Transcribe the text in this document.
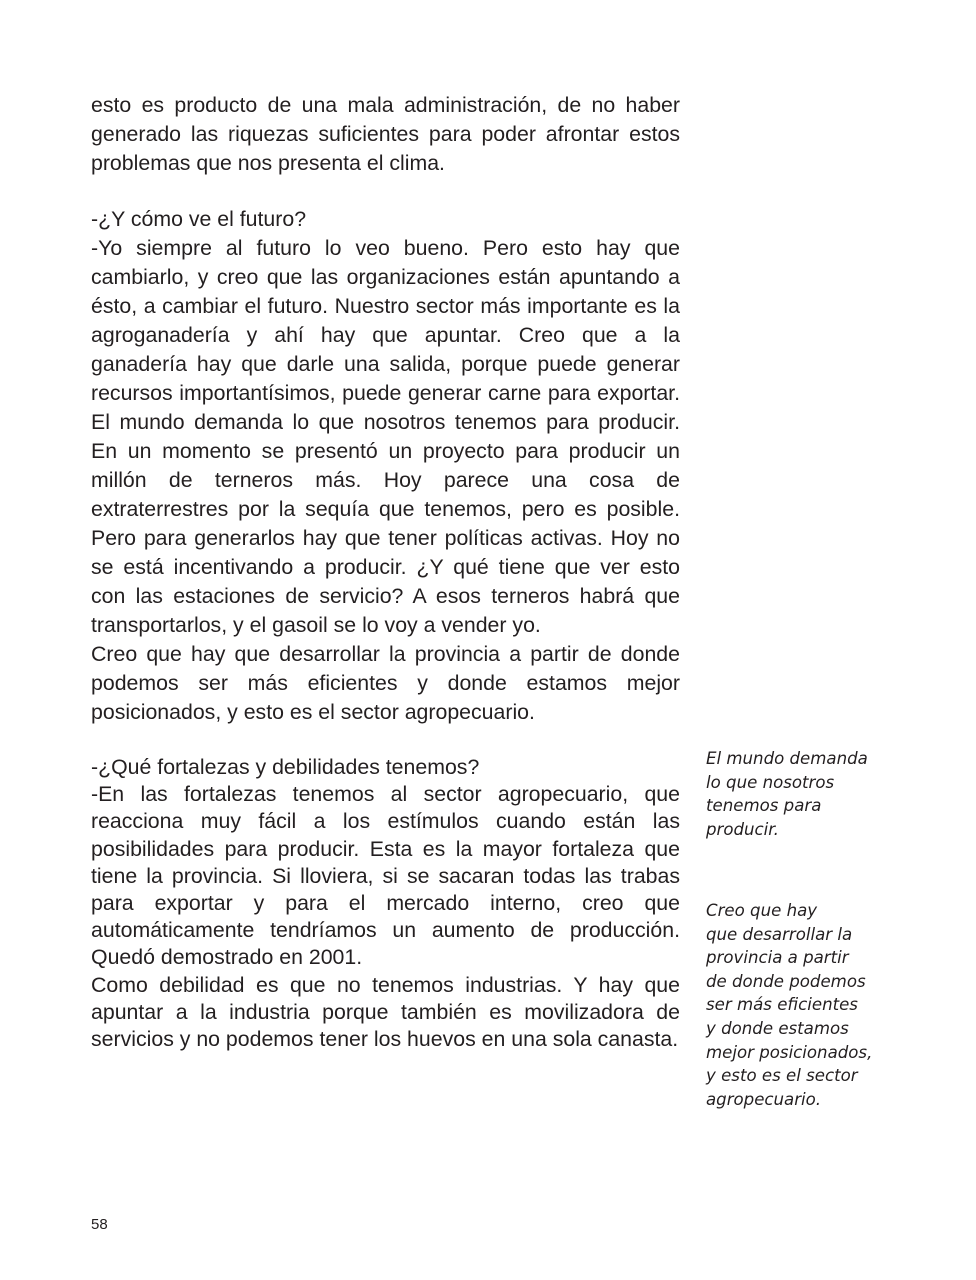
esto es producto de una mala administración, de no haber generado las riquezas suficientes para poder afrontar estos problemas que nos presenta el clima.

-¿Y cómo ve el futuro?

-Yo siempre al futuro lo veo bueno. Pero esto hay que cambiarlo, y creo que las organizaciones están apuntando a ésto, a cambiar el futuro. Nuestro sector más importante es la agroganadería y ahí hay que apuntar. Creo que a la ganadería hay que darle una salida, porque puede generar recursos importantísimos, puede generar carne para exportar. El mundo demanda lo que nosotros tenemos para producir. En un momento se presentó un proyecto para producir un millón de terneros más. Hoy parece una cosa de extraterrestres por la sequía que tenemos, pero es posible. Pero para generarlos hay que tener políticas activas. Hoy no se está incentivando a producir. ¿Y qué tiene que ver esto con las estaciones de servicio? A esos terneros habrá que transportarlos, y el gasoil se lo voy a vender yo.

Creo que hay que desarrollar la provincia a partir de donde podemos ser más eficientes y donde estamos mejor posicionados, y esto es el sector agropecuario.

-¿Qué fortalezas y debilidades tenemos?

-En las fortalezas tenemos al sector agropecuario, que reacciona muy fácil a los estímulos cuando están las posibilidades para producir. Esta es la mayor fortaleza que tiene la provincia. Si lloviera, si se sacaran todas las trabas para exportar y para el mercado interno, creo que automáticamente tendríamos un aumento de producción. Quedó demostrado en 2001.

Como debilidad es que no tenemos industrias. Y hay que apuntar a la industria porque también es movilizadora de servicios y no podemos tener los huevos en una sola canasta.

El mundo demanda
lo que nosotros
tenemos para
producir.

Creo que hay
que desarrollar la
provincia a partir
de donde podemos
ser más eficientes
y donde estamos
mejor posicionados,
y esto es el sector
agropecuario.

58
